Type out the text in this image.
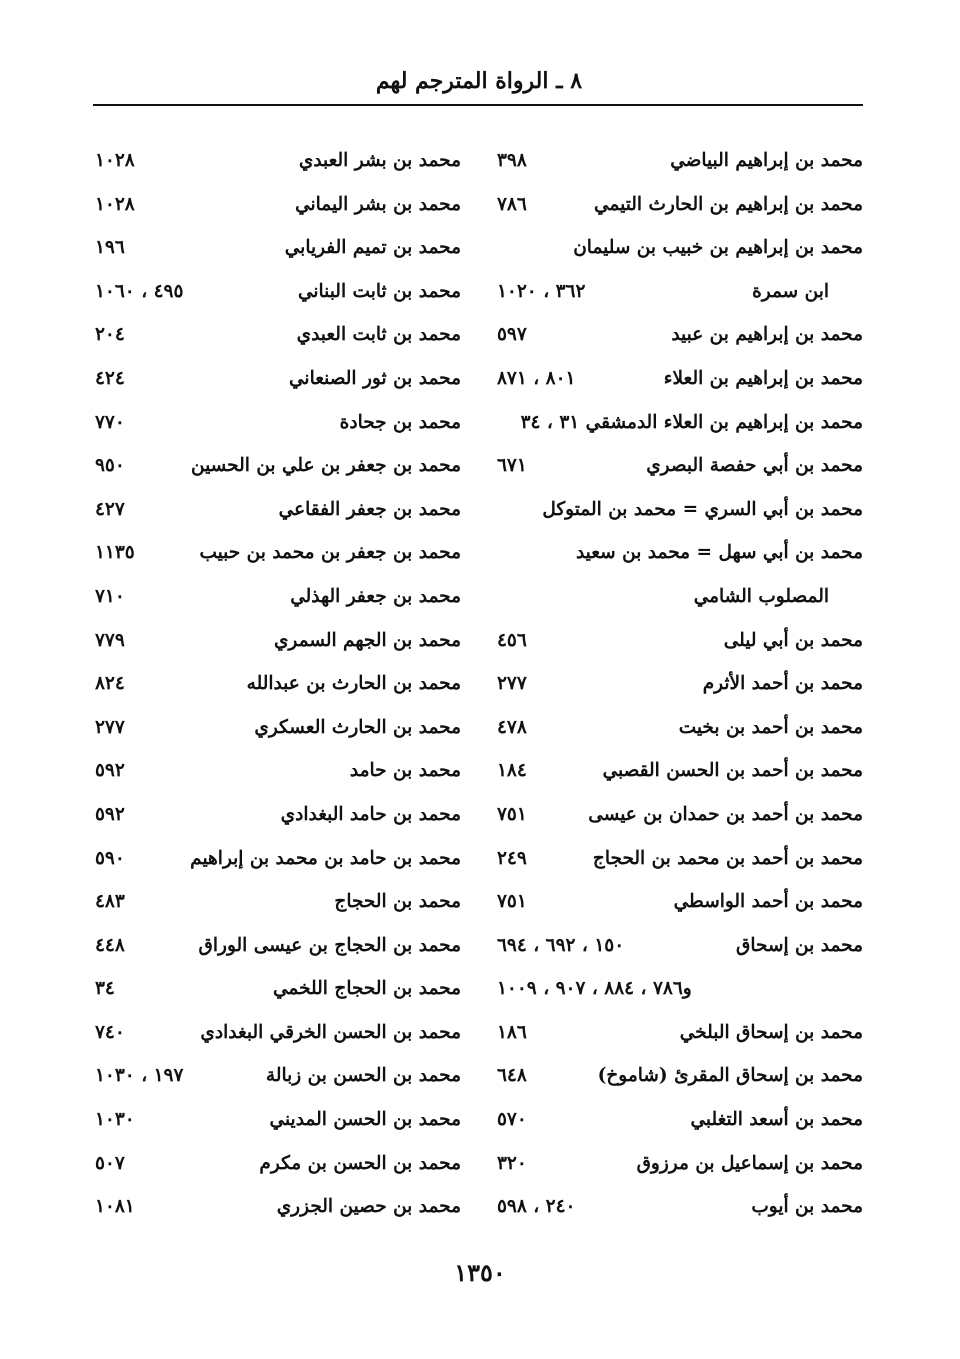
٨ ـ الرواة المترجم لهم
محمد بن إبراهيم البياضي
٣٩٨
محمد بن إبراهيم بن الحارث التيمي
٧٨٦
محمد بن إبراهيم بن خبيب بن سليمان
ابن سمرة
٣٦٢ ، ١٠٢٠
محمد بن إبراهيم بن عبيد
٥٩٧
محمد بن إبراهيم بن العلاء
٨٠١ ، ٨٧١
محمد بن إبراهيم بن العلاء الدمشقي ٣١ ، ٣٤
محمد بن أبي حفصة البصري
٦٧١
محمد بن أبي السري = محمد بن المتوكل
محمد بن أبي سهل = محمد بن سعيد
المصلوب الشامي
محمد بن أبي ليلى
٤٥٦
محمد بن أحمد الأثرم
٢٧٧
محمد بن أحمد بن بخيت
٤٧٨
محمد بن أحمد بن الحسن القصبي
١٨٤
محمد بن أحمد بن حمدان بن عيسى
٧٥١
محمد بن أحمد بن محمد بن الحجاج
٢٤٩
محمد بن أحمد الواسطي
٧٥١
محمد بن إسحاق
١٥٠ ، ٦٩٢ ، ٦٩٤
و٧٨٦ ، ٨٨٤ ، ٩٠٧ ، ١٠٠٩
محمد بن إسحاق البلخي
١٨٦
محمد بن إسحاق المقرئ (شاموخ)
٦٤٨
محمد بن أسعد التغلبي
٥٧٠
محمد بن إسماعيل بن مرزوق
٣٢٠
محمد بن أيوب
٢٤٠ ، ٥٩٨
محمد بن بشر العبدي
١٠٢٨
محمد بن بشر اليماني
١٠٢٨
محمد بن تميم الفريابي
١٩٦
محمد بن ثابت البناني
٤٩٥ ، ١٠٦٠
محمد بن ثابت العبدي
٢٠٤
محمد بن ثور الصنعاني
٤٢٤
محمد بن جحادة
٧٧٠
محمد بن جعفر بن علي بن الحسين
٩٥٠
محمد بن جعفر الفقاعي
٤٢٧
محمد بن جعفر بن محمد بن حبيب
١١٣٥
محمد بن جعفر الهذلي
٧١٠
محمد بن الجهم السمري
٧٧٩
محمد بن الحارث بن عبدالله
٨٢٤
محمد بن الحارث العسكري
٢٧٧
محمد بن حامد
٥٩٢
محمد بن حامد البغدادي
٥٩٢
محمد بن حامد بن محمد بن إبراهيم
٥٩٠
محمد بن الحجاج
٤٨٣
محمد بن الحجاج بن عيسى الوراق
٤٤٨
محمد بن الحجاج اللخمي
٣٤
محمد بن الحسن الخرقي البغدادي
٧٤٠
محمد بن الحسن بن زبالة
١٩٧ ، ١٠٣٠
محمد بن الحسن المديني
١٠٣٠
محمد بن الحسن بن مكرم
٥٠٧
محمد بن حصين الجزري
١٠٨١
١٣٥٠
